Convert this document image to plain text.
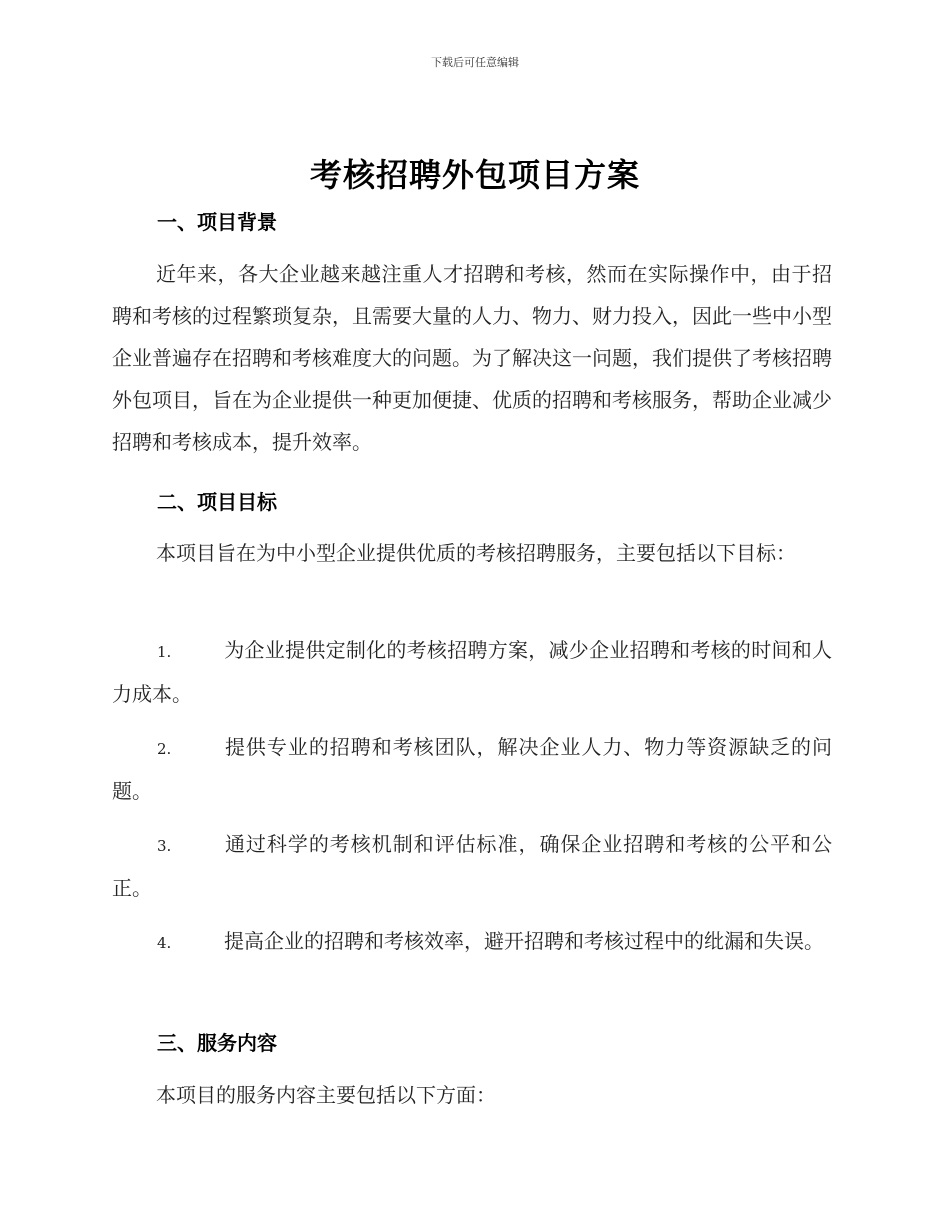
下载后可任意编辑
考核招聘外包项目方案
一、项目背景
近年来，各大企业越来越注重人才招聘和考核，然而在实际操作中，由于招聘和考核的过程繁琐复杂，且需要大量的人力、物力、财力投入，因此一些中小型企业普遍存在招聘和考核难度大的问题。为了解决这一问题，我们提供了考核招聘外包项目，旨在为企业提供一种更加便捷、优质的招聘和考核服务，帮助企业减少招聘和考核成本，提升效率。
二、项目目标
本项目旨在为中小型企业提供优质的考核招聘服务，主要包括以下目标：
1.	为企业提供定制化的考核招聘方案，减少企业招聘和考核的时间和人力成本。
2.	提供专业的招聘和考核团队，解决企业人力、物力等资源缺乏的问题。
3.	通过科学的考核机制和评估标准，确保企业招聘和考核的公平和公正。
4.	提高企业的招聘和考核效率，避开招聘和考核过程中的纰漏和失误。
三、服务内容
本项目的服务内容主要包括以下方面：
